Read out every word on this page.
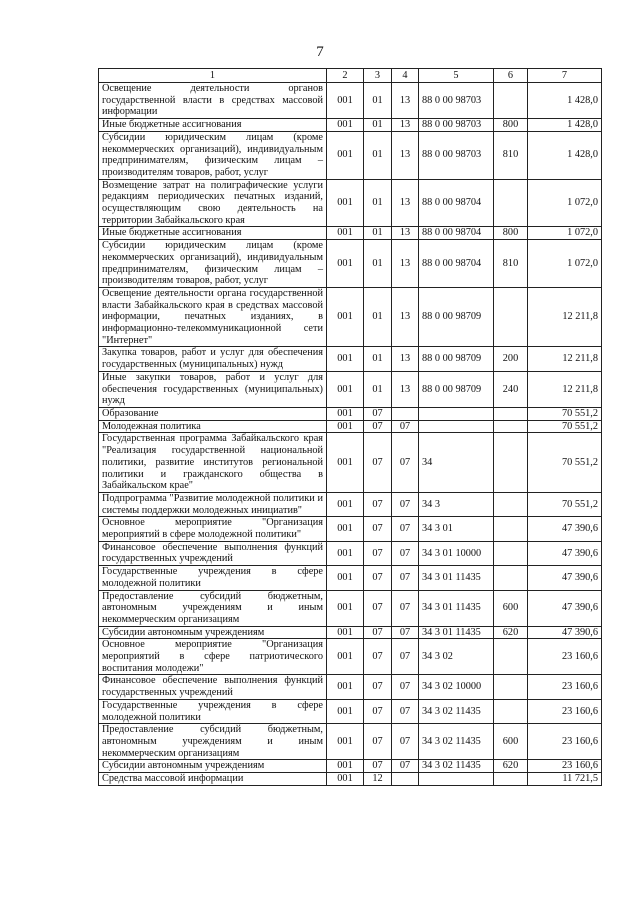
7
1	2	3	4	5	6	7
Освещение деятельности органов государственной власти в средствах массовой информации	001	01	13	88 0 00 98703		1 428,0
Иные бюджетные ассигнования	001	01	13	88 0 00 98703	800	1 428,0
Субсидии юридическим лицам (кроме некоммерческих организаций), индивидуальным предпринимателям, физическим лицам – производителям товаров, работ, услуг	001	01	13	88 0 00 98703	810	1 428,0
Возмещение затрат на полиграфические услуги редакциям периодических печатных изданий, осуществляющим свою деятельность на территории Забайкальского края	001	01	13	88 0 00 98704		1 072,0
Иные бюджетные ассигнования	001	01	13	88 0 00 98704	800	1 072,0
Субсидии юридическим лицам (кроме некоммерческих организаций), индивидуальным предпринимателям, физическим лицам – производителям товаров, работ, услуг	001	01	13	88 0 00 98704	810	1 072,0
Освещение деятельности органа государственной власти Забайкальского края в средствах массовой информации, печатных изданиях, в информационно-телекоммуникационной сети "Интернет"	001	01	13	88 0 00 98709		12 211,8
Закупка товаров, работ и услуг для обеспечения государственных (муниципальных) нужд	001	01	13	88 0 00 98709	200	12 211,8
Иные закупки товаров, работ и услуг для обеспечения государственных (муниципальных) нужд	001	01	13	88 0 00 98709	240	12 211,8
Образование	001	07				70 551,2
Молодежная политика	001	07	07			70 551,2
Государственная программа Забайкальского края "Реализация государственной национальной политики, развитие институтов региональной политики и гражданского общества в Забайкальском крае"	001	07	07	34		70 551,2
Подпрограмма "Развитие молодежной политики и системы поддержки молодежных инициатив"	001	07	07	34 3		70 551,2
Основное мероприятие "Организация мероприятий в сфере молодежной политики"	001	07	07	34 3 01		47 390,6
Финансовое обеспечение выполнения функций государственных учреждений	001	07	07	34 3 01 10000		47 390,6
Государственные учреждения в сфере молодежной политики	001	07	07	34 3 01 11435		47 390,6
Предоставление субсидий бюджетным, автономным учреждениям и иным некоммерческим организациям	001	07	07	34 3 01 11435	600	47 390,6
Субсидии автономным учреждениям	001	07	07	34 3 01 11435	620	47 390,6
Основное мероприятие "Организация мероприятий в сфере патриотического воспитания молодежи"	001	07	07	34 3 02		23 160,6
Финансовое обеспечение выполнения функций государственных учреждений	001	07	07	34 3 02 10000		23 160,6
Государственные учреждения в сфере молодежной политики	001	07	07	34 3 02 11435		23 160,6
Предоставление субсидий бюджетным, автономным учреждениям и иным некоммерческим организациям	001	07	07	34 3 02 11435	600	23 160,6
Субсидии автономным учреждениям	001	07	07	34 3 02 11435	620	23 160,6
Средства массовой информации	001	12				11 721,5
